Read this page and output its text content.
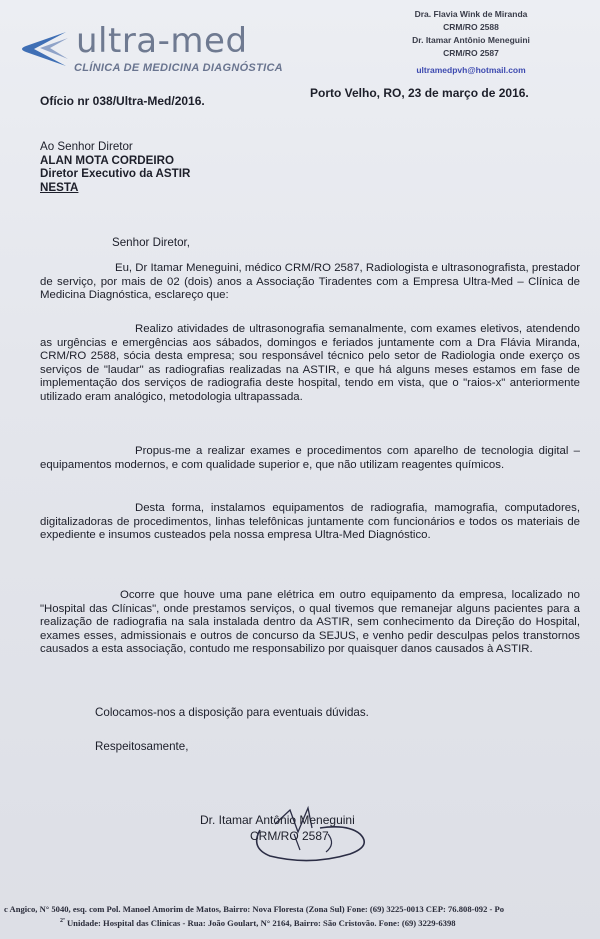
ultra-med
CLÍNICA DE MEDICINA DIAGNÓSTICA
Dra. Flavia Wink de Miranda
CRM/RO 2588
Dr. Itamar Antônio Meneguini
CRM/RO 2587
ultramedpvh@hotmail.com
Ofício nr 038/Ultra-Med/2016.
Porto Velho, RO, 23 de março de 2016.
Ao Senhor Diretor
ALAN MOTA CORDEIRO
Diretor Executivo da ASTIR
NESTA
Senhor Diretor,
Eu, Dr Itamar Meneguini, médico CRM/RO 2587, Radiologista e ultrasonografista, prestador de serviço, por mais de 02 (dois) anos a Associação Tiradentes com a Empresa Ultra-Med – Clínica de Medicina Diagnóstica, esclareço que:
Realizo atividades de ultrasonografia semanalmente, com exames eletivos, atendendo as urgências e emergências aos sábados, domingos e feriados juntamente com a Dra Flávia Miranda, CRM/RO 2588, sócia desta empresa; sou responsável técnico pelo setor de Radiologia onde exerço os serviços de "laudar" as radiografias realizadas na ASTIR, e que há alguns meses estamos em fase de implementação dos serviços de radiografia deste hospital, tendo em vista, que o "raios-x" anteriormente utilizado eram analógico, metodologia ultrapassada.
Propus-me a realizar exames e procedimentos com aparelho de tecnologia digital – equipamentos modernos, e com qualidade superior e, que não utilizam reagentes químicos.
Desta forma, instalamos equipamentos de radiografia, mamografia, computadores, digitalizadoras de procedimentos, linhas telefônicas juntamente com funcionários e todos os materiais de expediente e insumos custeados pela nossa empresa Ultra-Med Diagnóstico.
Ocorre que houve uma pane elétrica em outro equipamento da empresa, localizado no "Hospital das Clínicas", onde prestamos serviços, o qual tivemos que remanejar alguns pacientes para a realização de radiografia na sala instalada dentro da ASTIR, sem conhecimento da Direção do Hospital, exames esses, admissionais e outros de concurso da SEJUS, e venho pedir desculpas pelos transtornos causados a esta associação, contudo me responsabilizo por quaisquer danos causados à ASTIR.
Colocamos-nos a disposição para eventuais dúvidas.
Respeitosamente,
Dr. Itamar Antônio Meneguini
CRM/RO 2587
c Angico, N° 5040, esq. com Pol. Manoel Amorim de Matos, Bairro: Nova Floresta (Zona Sul) Fone: (69) 3225-0013 CEP: 76.808-092 - Po
$^{2ª}$ Unidade: Hospital das Clinicas - Rua: João Goulart, N° 2164, Bairro: São Cristovão. Fone: (69) 3229-6398
